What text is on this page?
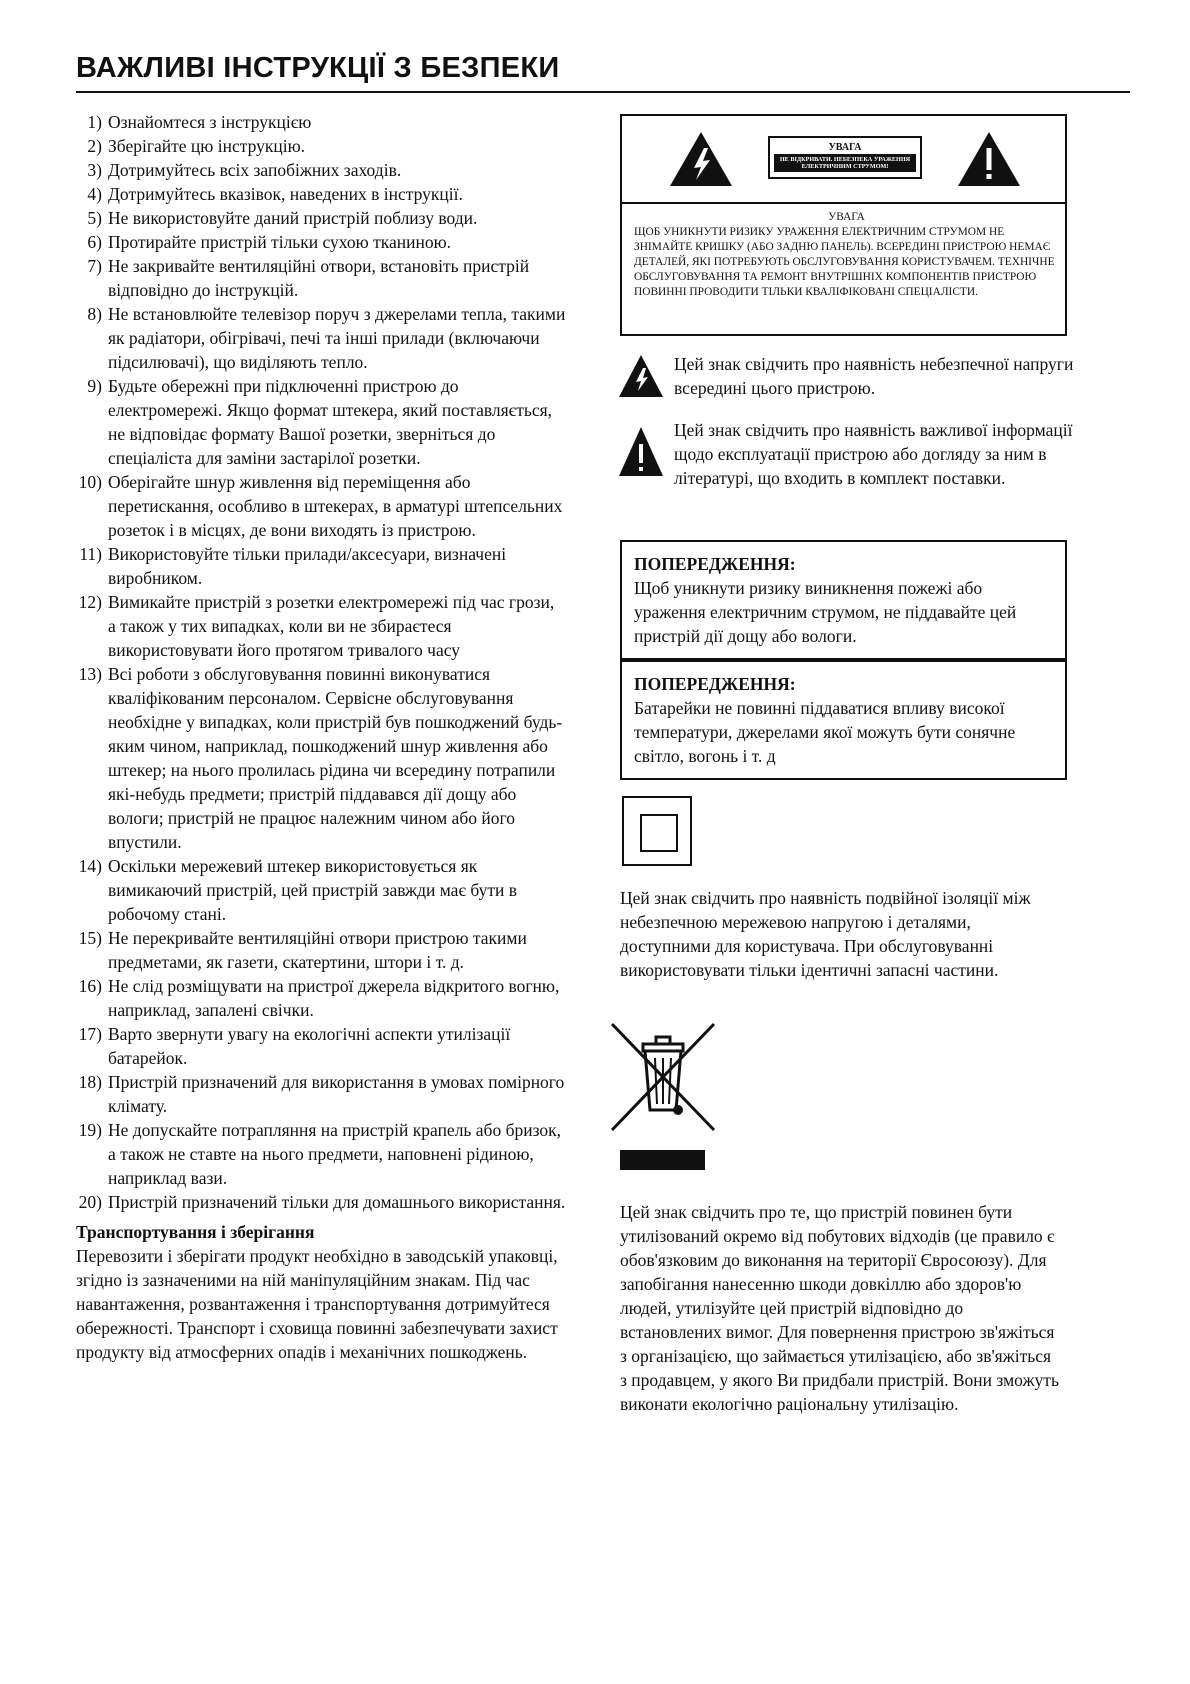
ВАЖЛИВІ ІНСТРУКЦІЇ З БЕЗПЕКИ
1) Ознайомтеся з інструкцією
2) Зберігайте цю інструкцію.
3) Дотримуйтесь всіх запобіжних заходів.
4) Дотримуйтесь вказівок, наведених в інструкції.
5) Не використовуйте даний пристрій поблизу води.
6) Протирайте пристрій тільки сухою тканиною.
7) Не закривайте вентиляційні отвори, встановіть пристрій відповідно до інструкцій.
8) Не встановлюйте телевізор поруч з джерелами тепла, такими як радіатори, обігрівачі, печі та інші прилади (включаючи підсилювачі), що виділяють тепло.
9) Будьте обережні при підключенні пристрою до електромережі. Якщо формат штекера, який поставляється, не відповідає формату Вашої розетки, зверніться до спеціаліста для заміни застарілої розетки.
10) Оберігайте шнур живлення від переміщення або перетискання, особливо в штекерах, в арматурі штепсельних розеток і в місцях, де вони виходять із пристрою.
11) Використовуйте тільки прилади/аксесуари, визначені виробником.
12) Вимикайте пристрій з розетки електромережі під час грози, а також у тих випадках, коли ви не збираєтеся використовувати його протягом тривалого часу
13) Всі роботи з обслуговування повинні виконуватися кваліфікованим персоналом. Сервісне обслуговування необхідне у випадках, коли пристрій був пошкоджений будь-яким чином, наприклад, пошкоджений шнур живлення або штекер; на нього пролилась рідина чи всередину потрапили які-небудь предмети; пристрій піддавався дії дощу або вологи; пристрій не працює належним чином або його впустили.
14) Оскільки мережевий штекер використовується як вимикаючий пристрій, цей пристрій завжди має бути в робочому стані.
15) Не перекривайте вентиляційні отвори пристрою такими предметами, як газети, скатертини, штори і т. д.
16) Не слід розміщувати на пристрої джерела відкритого вогню, наприклад, запалені свічки.
17) Варто звернути увагу на екологічні аспекти утилізації батарейок.
18) Пристрій призначений для використання в умовах помірного клімату.
19) Не допускайте потрапляння на пристрій крапель або бризок, а також не ставте на нього предмети, наповнені рідиною, наприклад вази.
20) Пристрій призначений тільки для домашнього використання.
Транспортування і зберігання

Перевозити і зберігати продукт необхідно в заводській упаковці, згідно із зазначеними на ній маніпуляційним знакам. Під час навантаження, розвантаження і транспортування дотримуйтеся обережності. Транспорт і сховища повинні забезпечувати захист продукту від атмосферних опадів і механічних пошкоджень.

УВАГА
НЕ ВІДКРИВАТИ. НЕБЕЗПЕКА УРАЖЕННЯ ЕЛЕКТРИЧНИМ СТРУМОМ!
УВАГА
ЩОБ УНИКНУТИ РИЗИКУ УРАЖЕННЯ ЕЛЕКТРИЧНИМ СТРУМОМ НЕ ЗНІМАЙТЕ КРИШКУ (АБО ЗАДНЮ ПАНЕЛЬ). ВСЕРЕДИНІ ПРИСТРОЮ НЕМАЄ ДЕТАЛЕЙ, ЯКІ ПОТРЕБУЮТЬ ОБСЛУГОВУВАННЯ КОРИСТУВАЧЕМ. ТЕХНІЧНЕ ОБСЛУГОВУВАННЯ ТА РЕМОНТ ВНУТРІШНІХ КОМПОНЕНТІВ ПРИСТРОЮ ПОВИННІ ПРОВОДИТИ ТІЛЬКИ КВАЛІФІКОВАНІ СПЕЦІАЛІСТИ.
Цей знак свідчить про наявність небезпечної напруги всередині цього пристрою.
Цей знак свідчить про наявність важливої інформації щодо експлуатації пристрою або догляду за ним в літературі, що входить в комплект поставки.
ПОПЕРЕДЖЕННЯ:
Щоб уникнути ризику виникнення пожежі або ураження електричним струмом, не піддавайте цей пристрій дії дощу або вологи.
ПОПЕРЕДЖЕННЯ:
Батарейки не повинні піддаватися впливу високої температури, джерелами якої можуть бути сонячне світло, вогонь і т. д
Цей знак свідчить про наявність подвійної ізоляції між небезпечною мережевою напругою і деталями, доступними для користувача. При обслуговуванні використовувати тільки ідентичні запасні частини.
Цей знак свідчить про те, що пристрій повинен бути утилізований окремо від побутових відходів (це правило є обов'язковим до виконання на території Євросоюзу). Для запобігання нанесенню шкоди довкіллю або здоров'ю людей, утилізуйте цей пристрій відповідно до встановлених вимог. Для повернення пристрою зв'яжіться з організацією, що займається утилізацією, або зв'яжіться з продавцем, у якого Ви придбали пристрій. Вони зможуть виконати екологічно раціональну утилізацію.
